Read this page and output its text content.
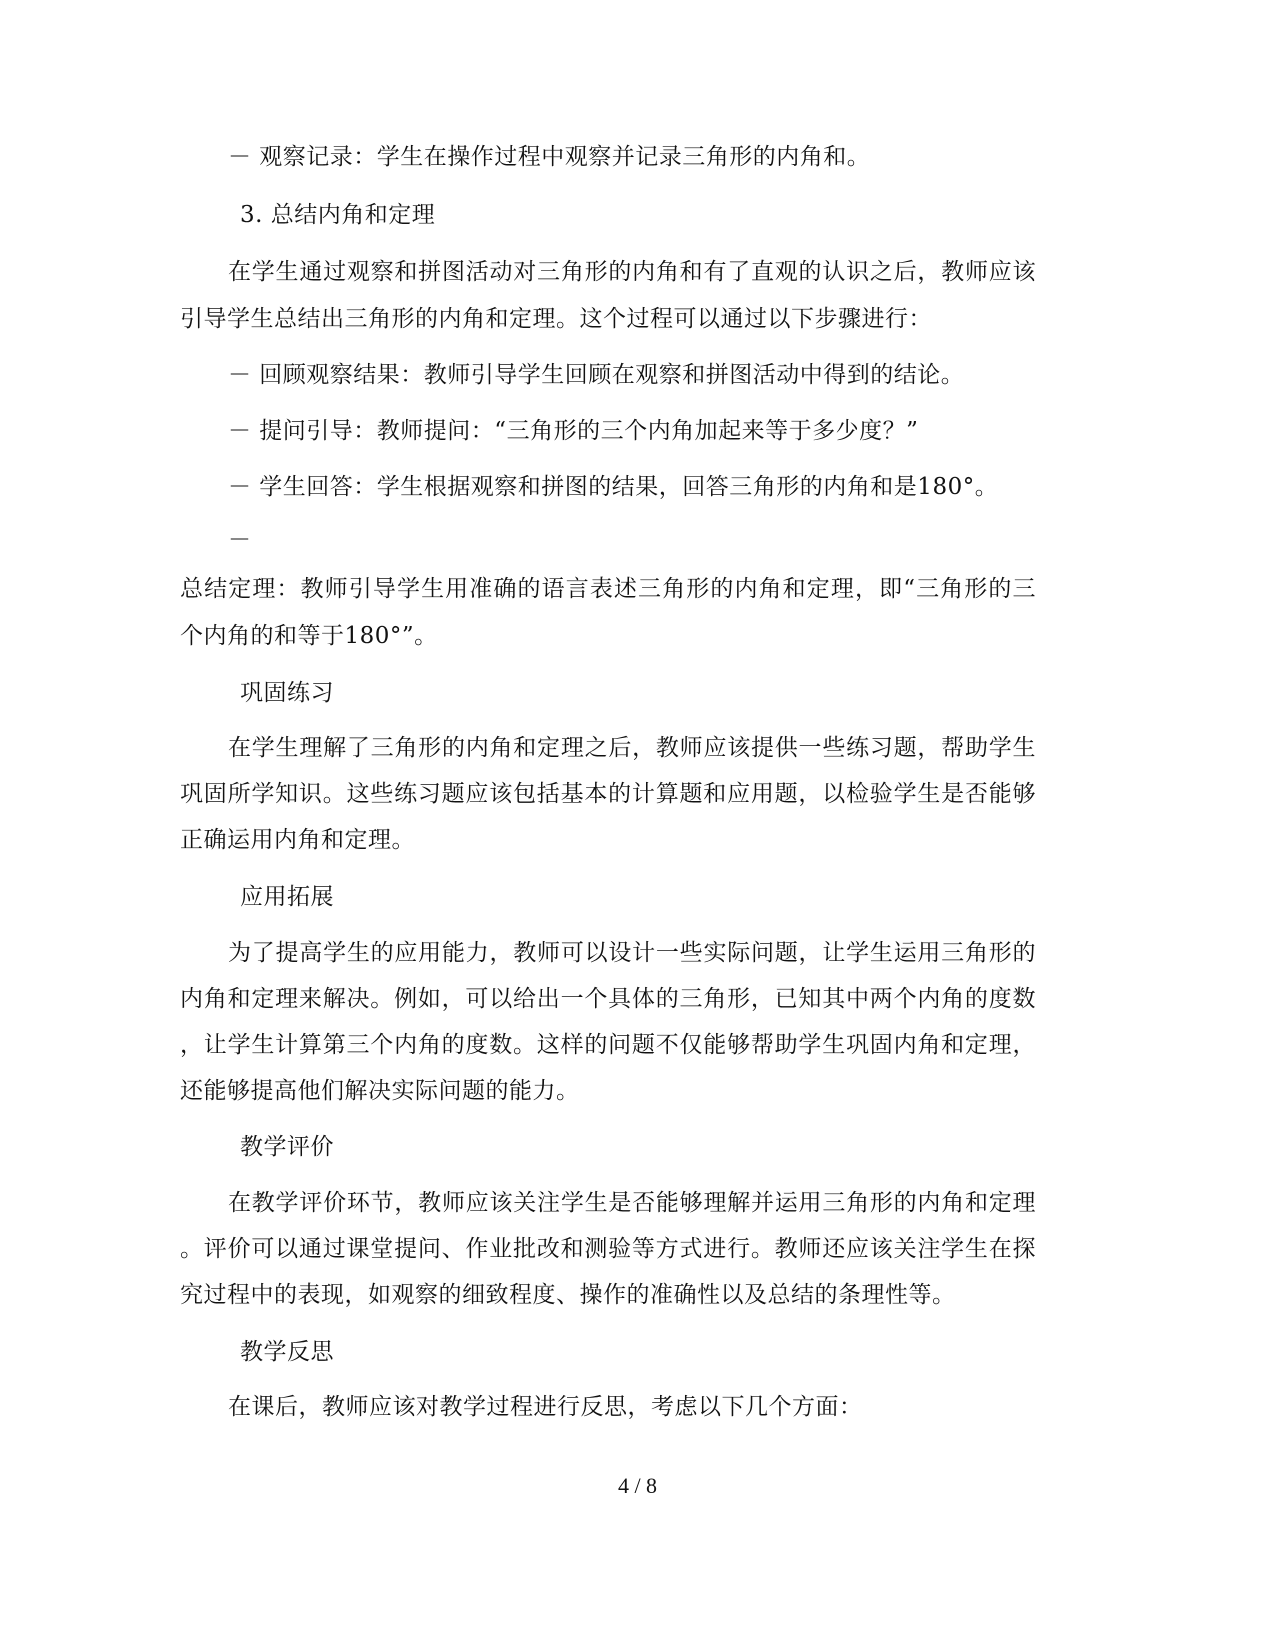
－ 观察记录：学生在操作过程中观察并记录三角形的内角和。
3. 总结内角和定理
在学生通过观察和拼图活动对三角形的内角和有了直观的认识之后，教师应该
引导学生总结出三角形的内角和定理。这个过程可以通过以下步骤进行：
－ 回顾观察结果：教师引导学生回顾在观察和拼图活动中得到的结论。
－ 提问引导：教师提问：“三角形的三个内角加起来等于多少度？”
－ 学生回答：学生根据观察和拼图的结果，回答三角形的内角和是180°。
－
总结定理：教师引导学生用准确的语言表述三角形的内角和定理，即“三角形的三
个内角的和等于180°”。
巩固练习
在学生理解了三角形的内角和定理之后，教师应该提供一些练习题，帮助学生
巩固所学知识。这些练习题应该包括基本的计算题和应用题，以检验学生是否能够
正确运用内角和定理。
应用拓展
为了提高学生的应用能力，教师可以设计一些实际问题，让学生运用三角形的
内角和定理来解决。例如，可以给出一个具体的三角形，已知其中两个内角的度数
，让学生计算第三个内角的度数。这样的问题不仅能够帮助学生巩固内角和定理，
还能够提高他们解决实际问题的能力。
教学评价
在教学评价环节，教师应该关注学生是否能够理解并运用三角形的内角和定理
。评价可以通过课堂提问、作业批改和测验等方式进行。教师还应该关注学生在探
究过程中的表现，如观察的细致程度、操作的准确性以及总结的条理性等。
教学反思
在课后，教师应该对教学过程进行反思，考虑以下几个方面：
4 / 8
